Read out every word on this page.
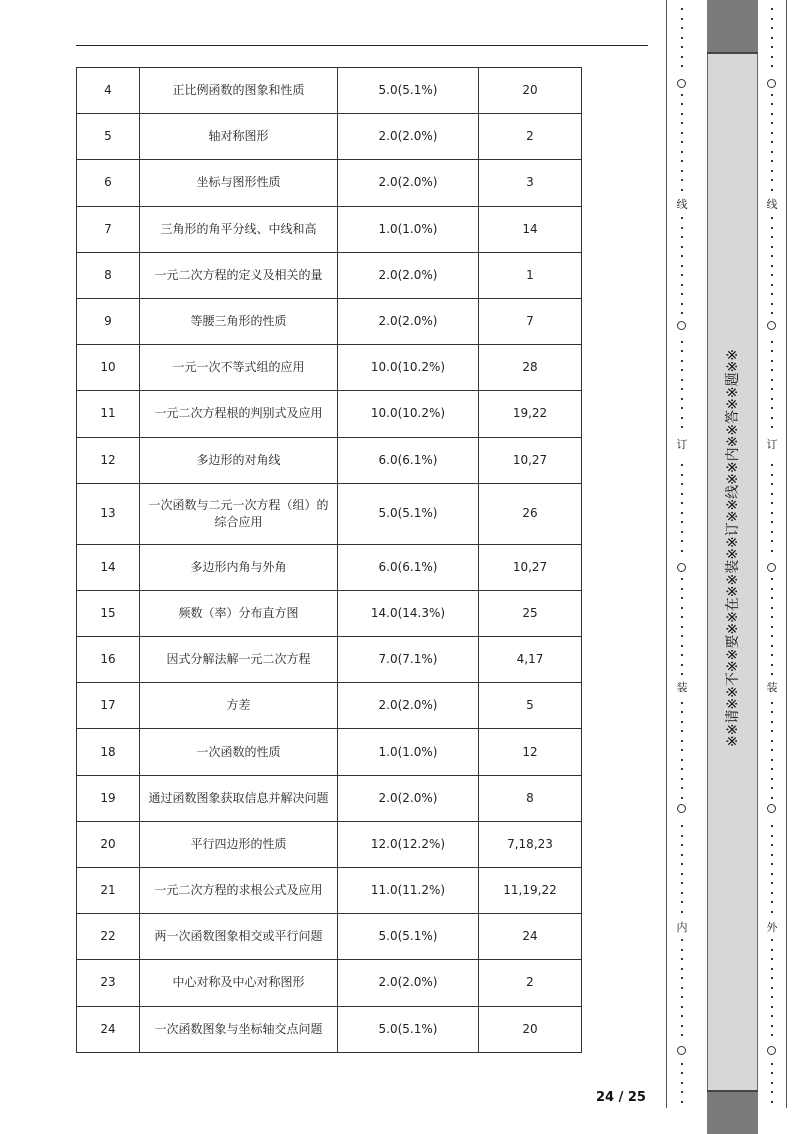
4	正比例函数的图象和性质	5.0(5.1%)	20
5	轴对称图形	2.0(2.0%)	2
6	坐标与图形性质	2.0(2.0%)	3
7	三角形的角平分线、中线和高	1.0(1.0%)	14
8	一元二次方程的定义及相关的量	2.0(2.0%)	1
9	等腰三角形的性质	2.0(2.0%)	7
10	一元一次不等式组的应用	10.0(10.2%)	28
11	一元二次方程根的判别式及应用	10.0(10.2%)	19,22
12	多边形的对角线	6.0(6.1%)	10,27
13	一次函数与二元一次方程（组）的综合应用	5.0(5.1%)	26
14	多边形内角与外角	6.0(6.1%)	10,27
15	频数（率）分布直方图	14.0(14.3%)	25
16	因式分解法解一元二次方程	7.0(7.1%)	4,17
17	方差	2.0(2.0%)	5
18	一次函数的性质	1.0(1.0%)	12
19	通过函数图象获取信息并解决问题	2.0(2.0%)	8
20	平行四边形的性质	12.0(12.2%)	7,18,23
21	一元二次方程的求根公式及应用	11.0(11.2%)	11,19,22
22	两一次函数图象相交或平行问题	5.0(5.1%)	24
23	中心对称及中心对称图形	2.0(2.0%)	2
24	一次函数图象与坐标轴交点问题	5.0(5.1%)	20
24 / 25
※※请※※不※※要※※在※※装※※订※※线※※内※※答※※题※※
线
订
装
内
线
订
装
外
